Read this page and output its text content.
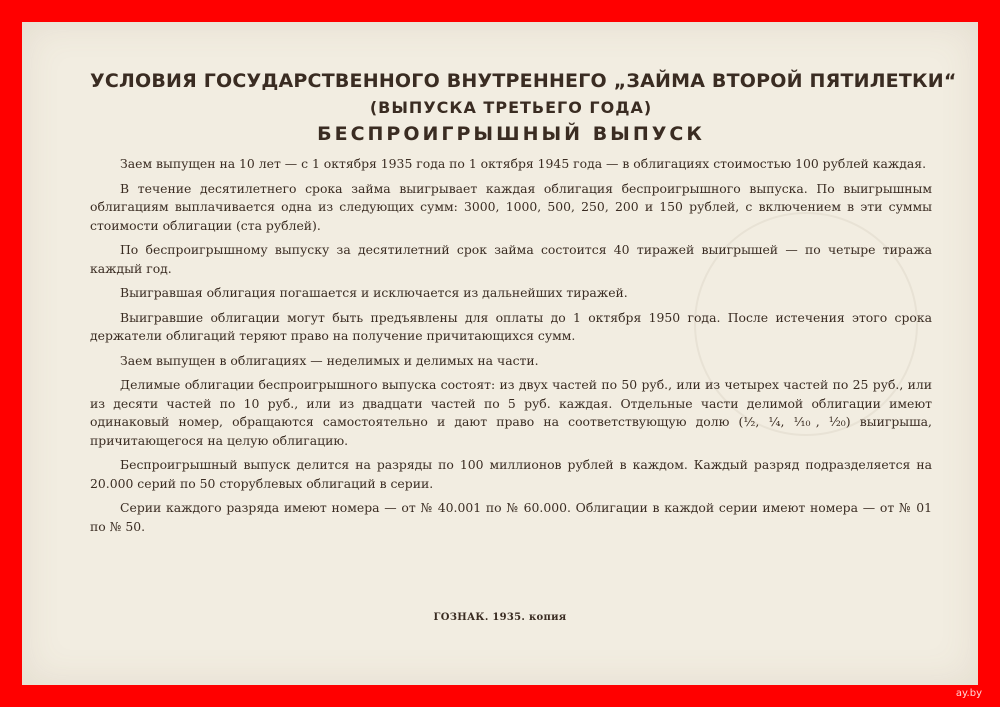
УСЛОВИЯ ГОСУДАРСТВЕННОГО ВНУТРЕННЕГО „ЗАЙМА ВТОРОЙ ПЯТИЛЕТКИ“
(ВЫПУСКА ТРЕТЬЕГО ГОДА)
БЕСПРОИГРЫШНЫЙ ВЫПУСК

Заем выпущен на 10 лет — с 1 октября 1935 года по 1 октября 1945 года — в облигациях стоимостью 100 рублей каждая.

В течение десятилетнего срока займа выигрывает каждая облигация беспроигрышного выпуска. По выигрышным облигациям выплачивается одна из следующих сумм: 3000, 1000, 500, 250, 200 и 150 рублей, с включением в эти суммы стоимости облигации (ста рублей).

По беспроигрышному выпуску за десятилетний срок займа состоится 40 тиражей выигрышей — по четыре тиража каждый год.

Выигравшая облигация погашается и исключается из дальнейших тиражей.

Выигравшие облигации могут быть предъявлены для оплаты до 1 октября 1950 года. После истечения этого срока держатели облигаций теряют право на получение причитающихся сумм.

Заем выпущен в облигациях — неделимых и делимых на части.

Делимые облигации беспроигрышного выпуска состоят: из двух частей по 50 руб., или из четырех частей по 25 руб., или из десяти частей по 10 руб., или из двадцати частей по 5 руб. каждая. Отдельные части делимой облигации имеют одинаковый номер, обращаются самостоятельно и дают право на соответствующую долю (½, ¼, ⅒, ¹⁄₂₀) выигрыша, причитающегося на целую облигацию.

Беспроигрышный выпуск делится на разряды по 100 миллионов рублей в каждом. Каждый разряд подразделяется на 20.000 серий по 50 сторублевых облигаций в серии.

Серии каждого разряда имеют номера — от № 40.001 по № 60.000. Облигации в каждой серии имеют номера — от № 01 по № 50.

ГОЗНАК. 1935. копия
ay.by
